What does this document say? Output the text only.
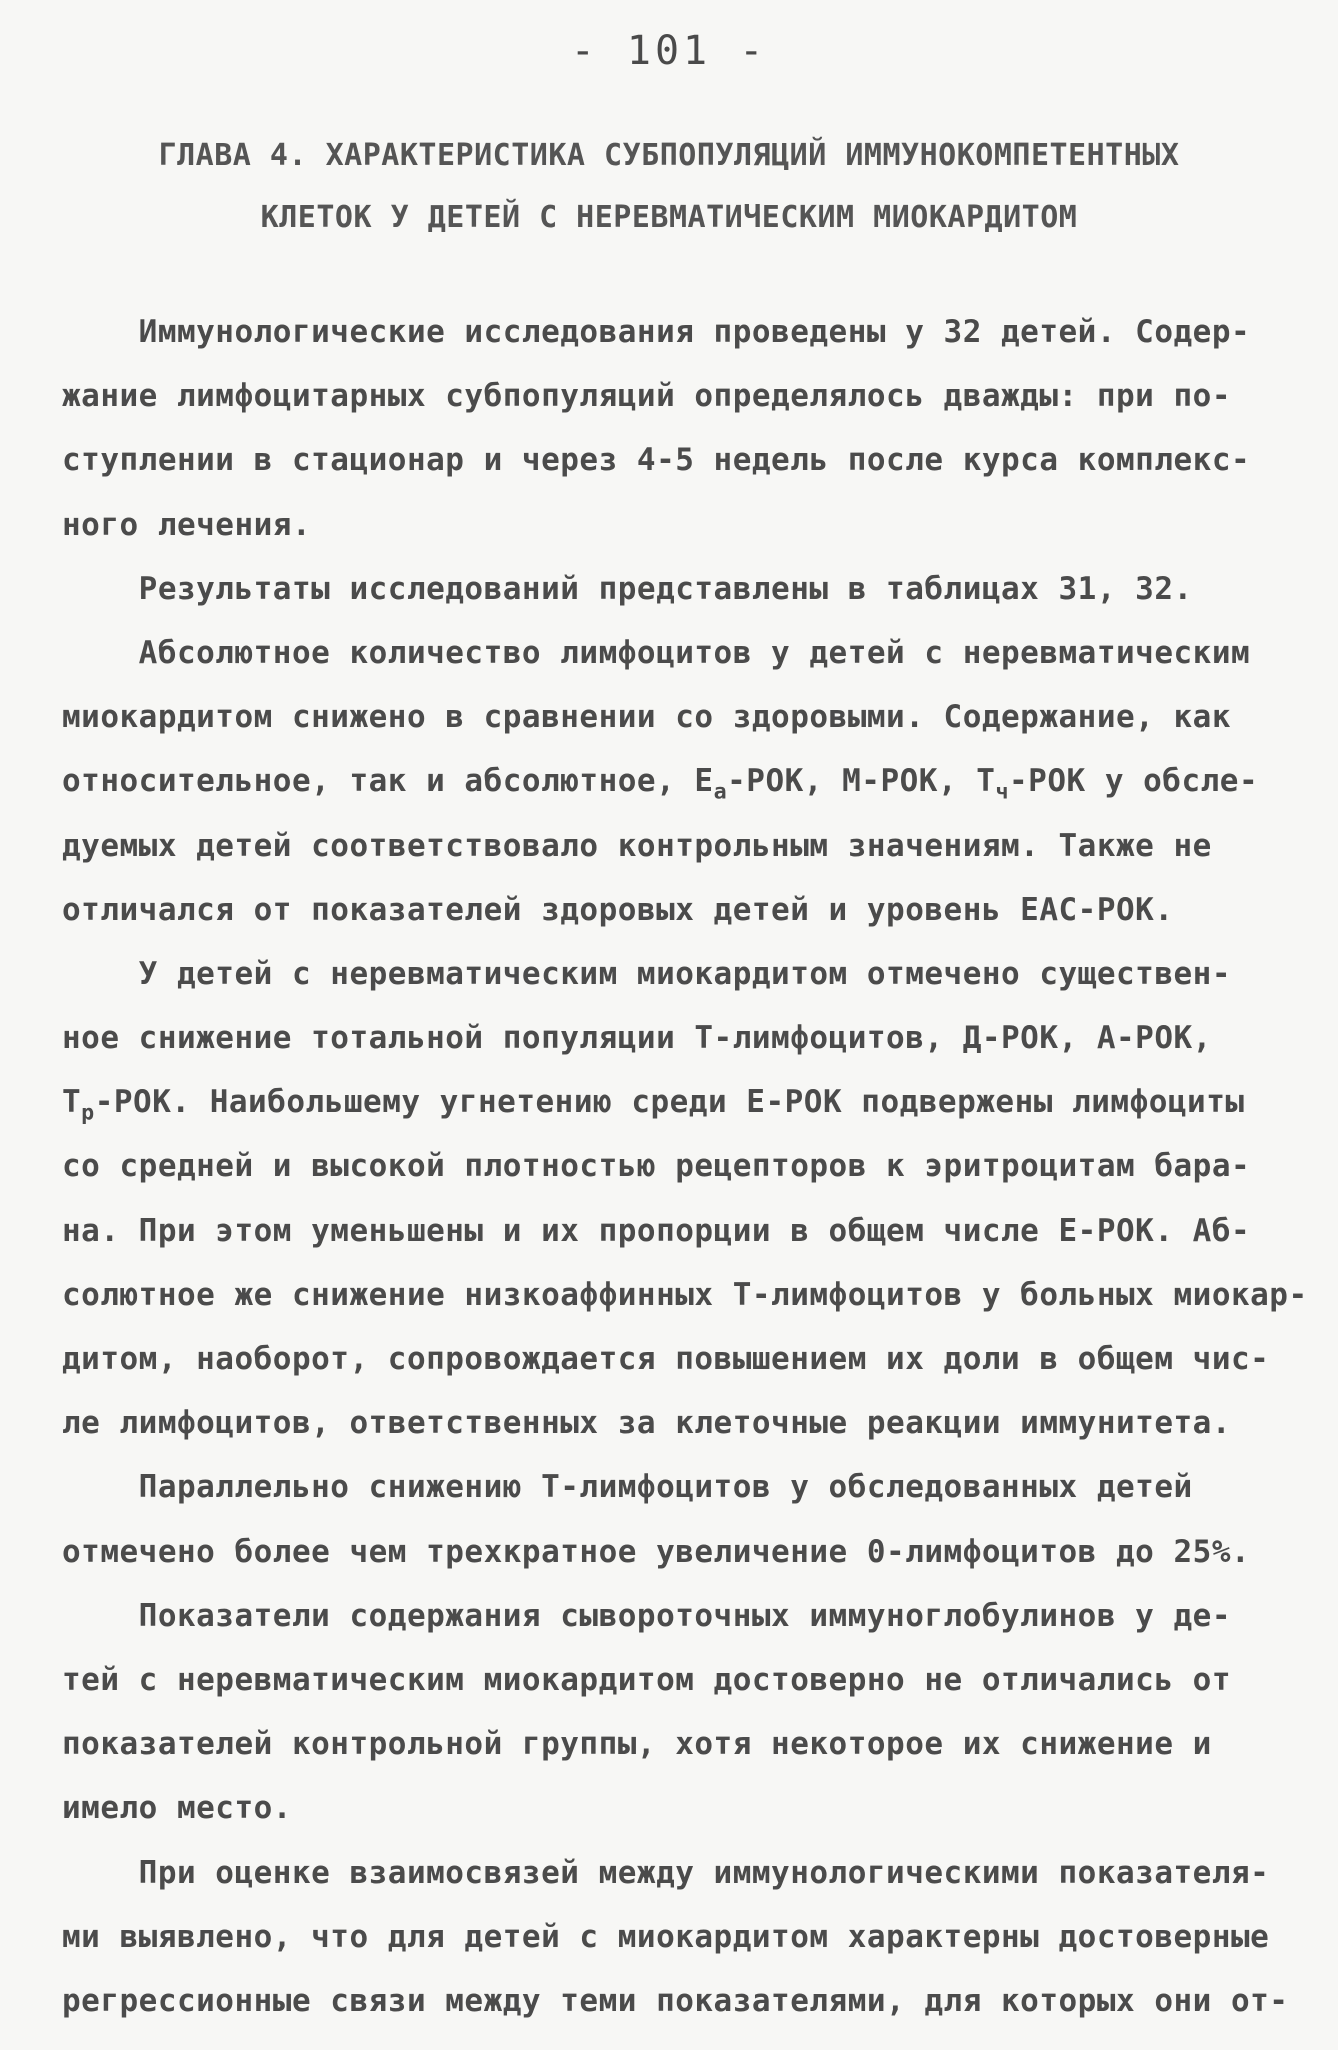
- 101 -
ГЛАВА 4. ХАРАКТЕРИСТИКА СУБПОПУЛЯЦИЙ ИММУНОКОМПЕТЕНТНЫХ
КЛЕТОК У ДЕТЕЙ С НЕРЕВМАТИЧЕСКИМ МИОКАРДИТОМ
Иммунологические исследования проведены у 32 детей. Содер-
жание лимфоцитарных субпопуляций определялось дважды: при по-
ступлении в стационар и через 4-5 недель после курса комплекс-
ного лечения.
Результаты исследований представлены в таблицах 31, 32.
Абсолютное количество лимфоцитов у детей с неревматическим
миокардитом снижено в сравнении со здоровыми. Содержание, как
относительное, так и абсолютное, $Е_а$-РОК, М-РОК, $Т_ч$-РОК у обсле-
дуемых детей соответствовало контрольным значениям. Также не
отличался от показателей здоровых детей и уровень ЕАС-РОК.
У детей с неревматическим миокардитом отмечено существен-
ное снижение тотальной популяции Т-лимфоцитов, Д-РОК, А-РОК,
$Т_р$-РОК. Наибольшему угнетению среди Е-РОК подвержены лимфоциты
со средней и высокой плотностью рецепторов к эритроцитам бара-
на. При этом уменьшены и их пропорции в общем числе Е-РОК. Аб-
солютное же снижение низкоаффинных Т-лимфоцитов у больных миокар-
дитом, наоборот, сопровождается повышением их доли в общем чис-
ле лимфоцитов, ответственных за клеточные реакции иммунитета.
Параллельно снижению Т-лимфоцитов у обследованных детей
отмечено более чем трехкратное увеличение 0-лимфоцитов до 25%.
Показатели содержания сывороточных иммуноглобулинов у де-
тей с неревматическим миокардитом достоверно не отличались от
показателей контрольной группы, хотя некоторое их снижение и
имело место.
При оценке взаимосвязей между иммунологическими показателя-
ми выявлено, что для детей с миокардитом характерны достоверные
регрессионные связи между теми показателями, для которых они от-
